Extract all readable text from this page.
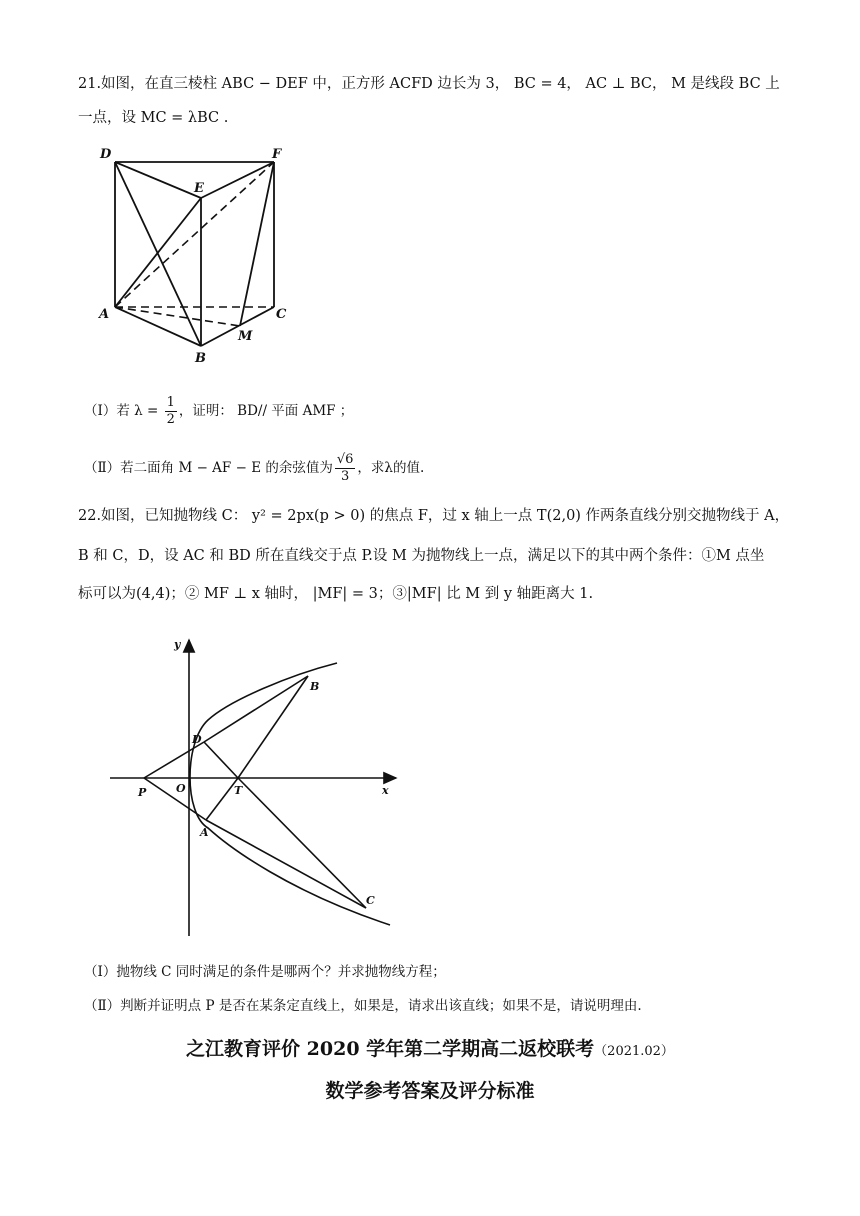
21.如图，在直三棱柱 ABC − DEF 中，正方形 ACFD 边长为 3， BC = 4， AC ⊥ BC， M 是线段 BC 上
一点，设 MC = λBC .
D	F
E
A	C
M
B
（Ⅰ）若 $\lambda = \frac{1}{2}$ ，证明： BD// 平面 AMF ；
（Ⅱ）若二面角 M − AF − E 的余弦值为 $\frac{√6}{3}$ ，求λ的值.
22.如图，已知抛物线 C： y² = 2px(p > 0) 的焦点 F，过 x 轴上一点 T(2,0) 作两条直线分别交抛物线于 A，
B 和 C，D，设 AC 和 BD 所在直线交于点 P.设 M 为抛物线上一点，满足以下的其中两个条件：①M 点坐
标可以为(4,4)；② MF ⊥ x 轴时， |MF| = 3；③|MF| 比 M 到 y 轴距离大 1.
y
x
B
D
O	T
P
A
C
（Ⅰ）抛物线 C 同时满足的条件是哪两个？并求抛物线方程；
（Ⅱ）判断并证明点 P 是否在某条定直线上，如果是，请求出该直线；如果不是，请说明理由.
之江教育评价 2020 学年第二学期高二返校联考（2021.02）
数学参考答案及评分标准
